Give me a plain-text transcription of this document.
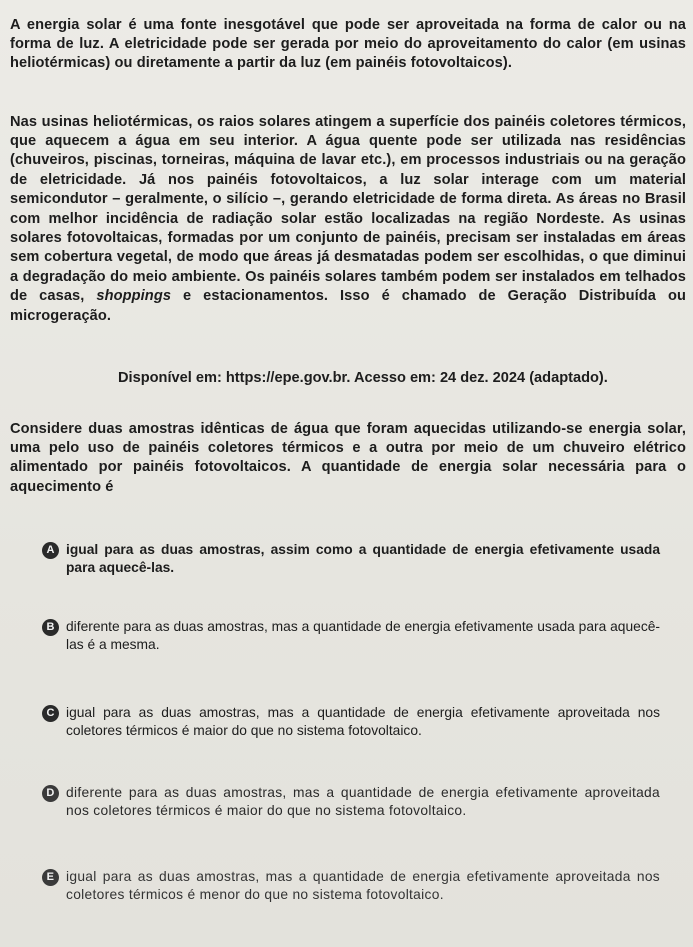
A energia solar é uma fonte inesgotável que pode ser aproveitada na forma de calor ou na forma de luz. A eletricidade pode ser gerada por meio do aproveitamento do calor (em usinas heliotérmicas) ou diretamente a partir da luz (em painéis fotovoltaicos).

Nas usinas heliotérmicas, os raios solares atingem a superfície dos painéis coletores térmicos, que aquecem a água em seu interior. A água quente pode ser utilizada nas residências (chuveiros, piscinas, torneiras, máquina de lavar etc.), em processos industriais ou na geração de eletricidade. Já nos painéis fotovoltaicos, a luz solar interage com um material semicondutor – geralmente, o silício –, gerando eletricidade de forma direta. As áreas no Brasil com melhor incidência de radiação solar estão localizadas na região Nordeste. As usinas solares fotovoltaicas, formadas por um conjunto de painéis, precisam ser instaladas em áreas sem cobertura vegetal, de modo que áreas já desmatadas podem ser escolhidas, o que diminui a degradação do meio ambiente. Os painéis solares também podem ser instalados em telhados de casas, shoppings e estacionamentos. Isso é chamado de Geração Distribuída ou microgeração.

Disponível em: https://epe.gov.br. Acesso em: 24 dez. 2024 (adaptado).

Considere duas amostras idênticas de água que foram aquecidas utilizando-se energia solar, uma pelo uso de painéis coletores térmicos e a outra por meio de um chuveiro elétrico alimentado por painéis fotovoltaicos. A quantidade de energia solar necessária para o aquecimento é

A igual para as duas amostras, assim como a quantidade de energia efetivamente usada para aquecê-las.
B diferente para as duas amostras, mas a quantidade de energia efetivamente usada para aquecê-las é a mesma.
C igual para as duas amostras, mas a quantidade de energia efetivamente aproveitada nos coletores térmicos é maior do que no sistema fotovoltaico.
D diferente para as duas amostras, mas a quantidade de energia efetivamente aproveitada nos coletores térmicos é maior do que no sistema fotovoltaico.
E igual para as duas amostras, mas a quantidade de energia efetivamente aproveitada nos coletores térmicos é menor do que no sistema fotovoltaico.
